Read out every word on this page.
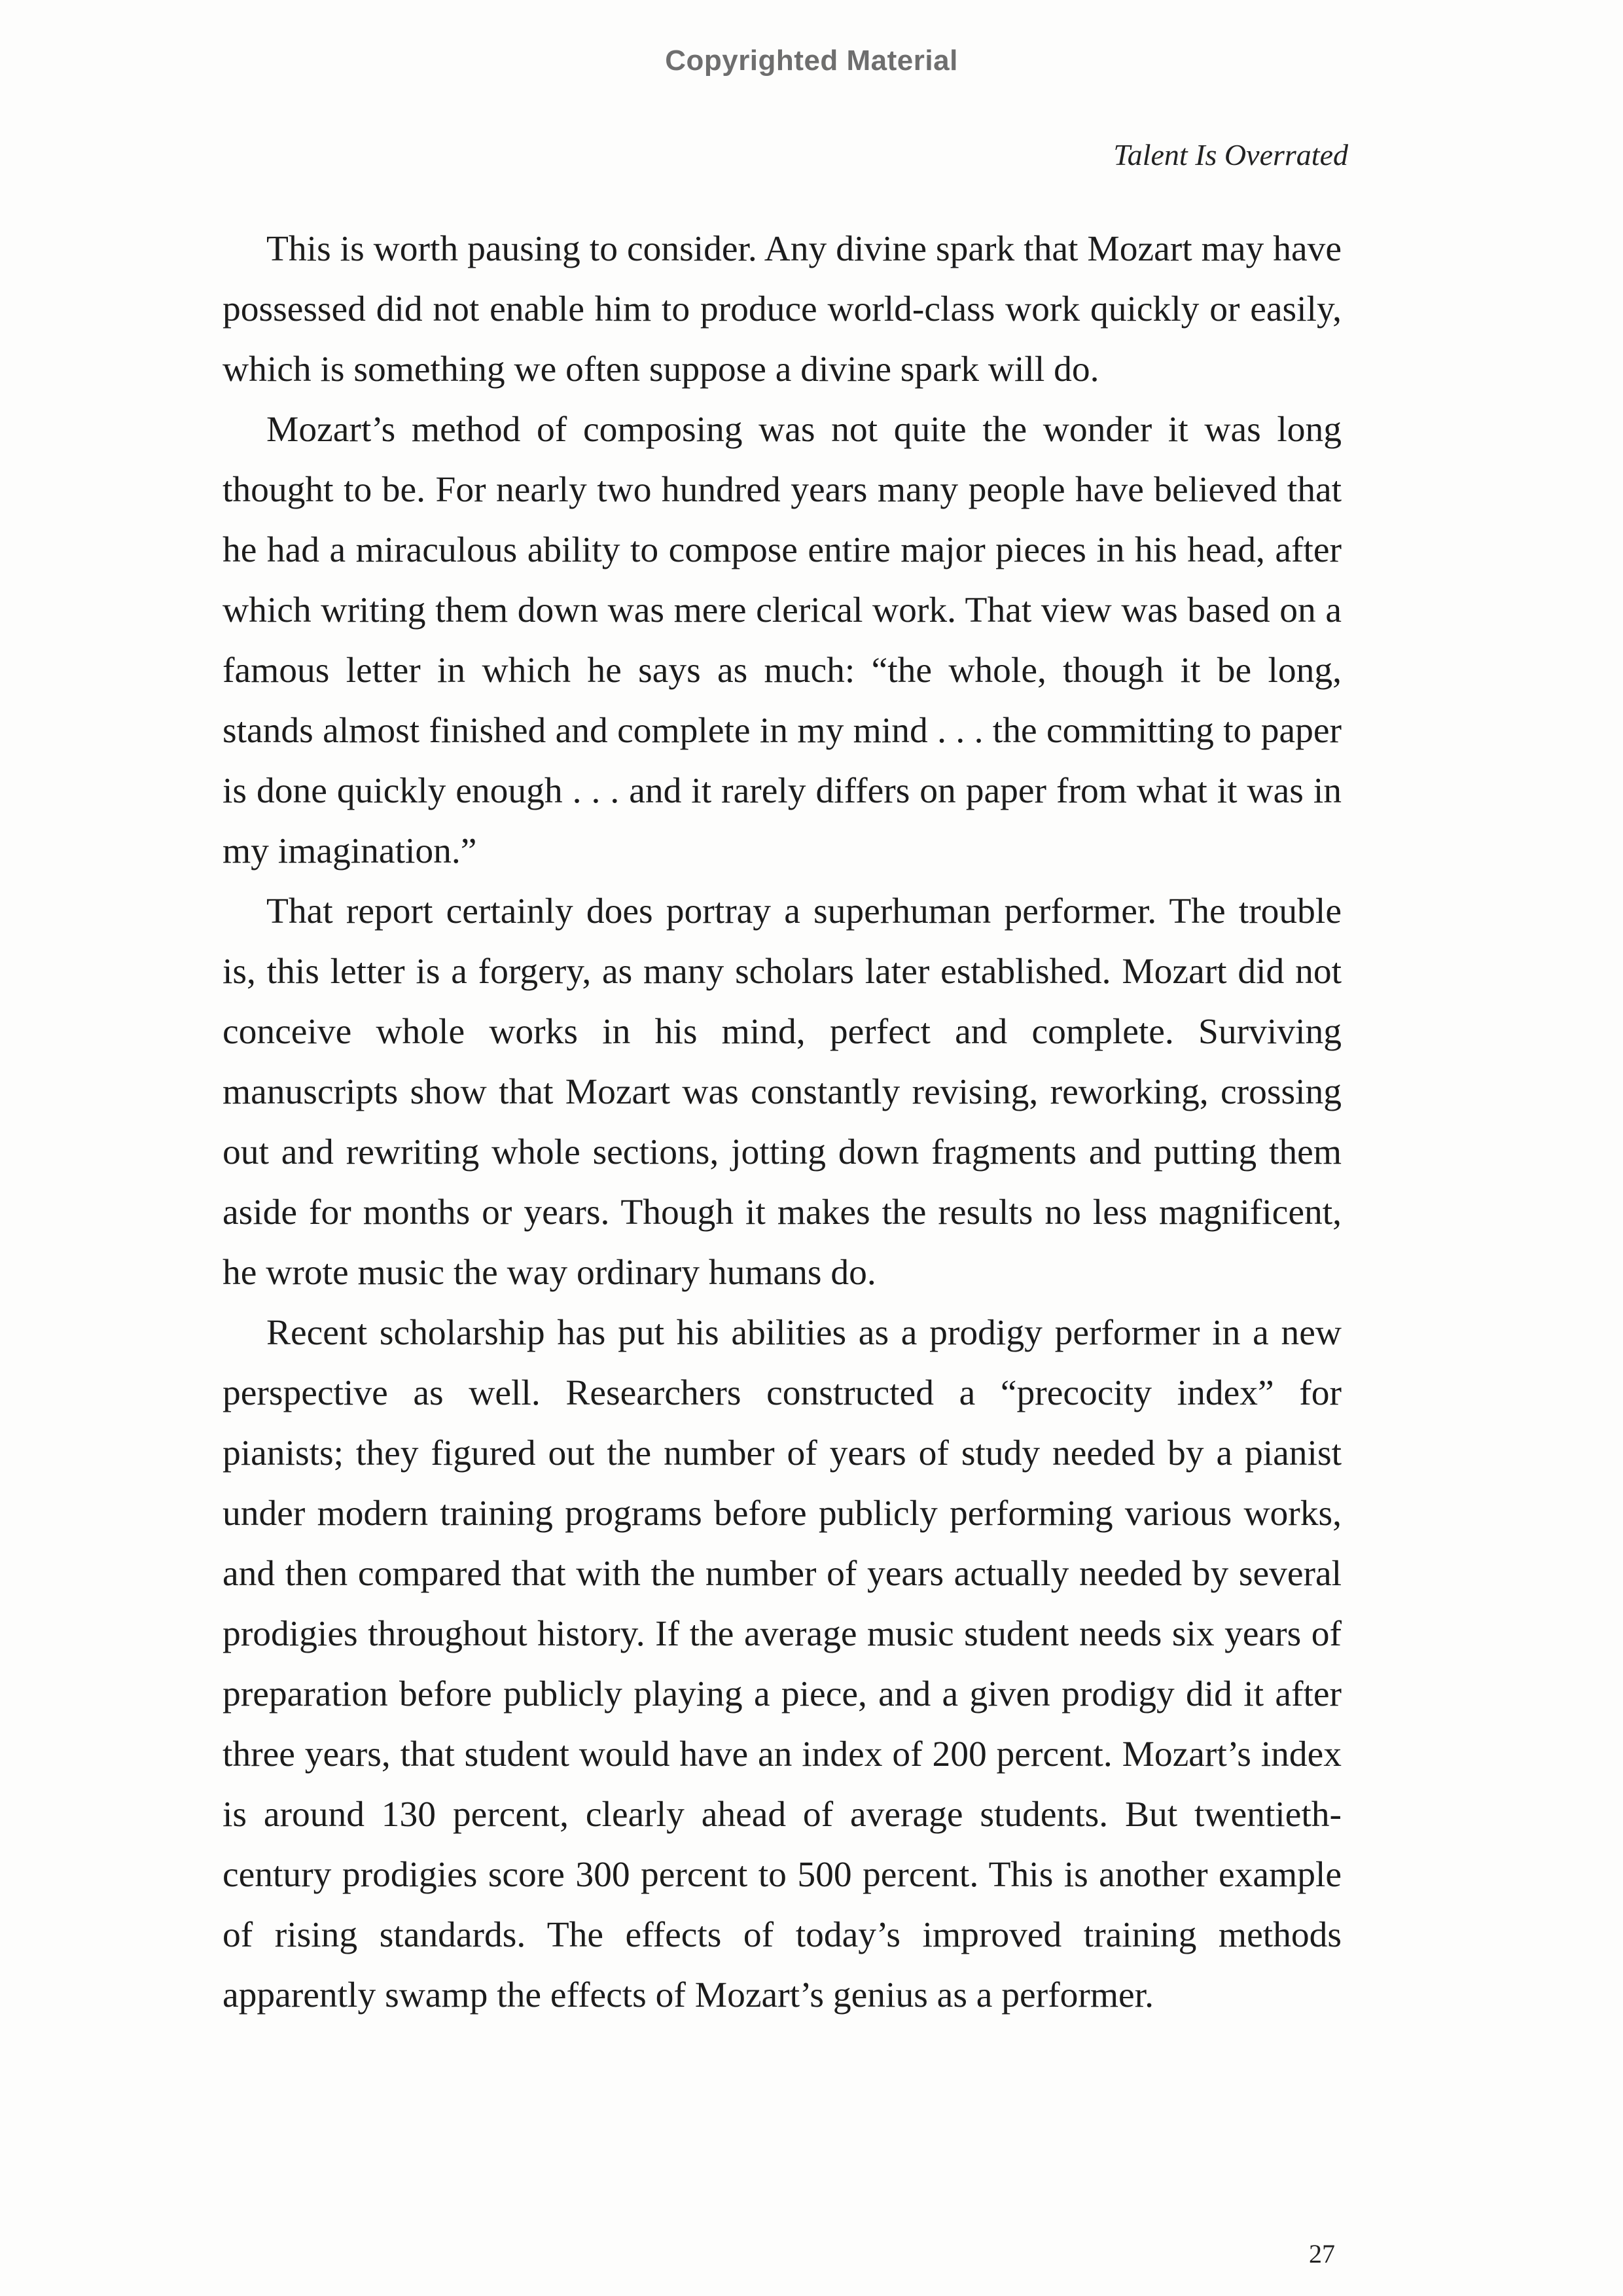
Copyrighted Material
Talent Is Overrated

This is worth pausing to consider. Any divine spark that Mozart may have possessed did not enable him to produce world-class work quickly or easily, which is something we often suppose a divine spark will do.

Mozart’s method of composing was not quite the wonder it was long thought to be. For nearly two hundred years many people have believed that he had a miraculous ability to compose entire major pieces in his head, after which writing them down was mere clerical work. That view was based on a famous letter in which he says as much: “the whole, though it be long, stands almost finished and complete in my mind . . . the committing to paper is done quickly enough . . . and it rarely differs on paper from what it was in my imagination.”

That report certainly does portray a superhuman performer. The trouble is, this letter is a forgery, as many scholars later established. Mozart did not conceive whole works in his mind, perfect and complete. Surviving manuscripts show that Mozart was constantly revising, reworking, crossing out and rewriting whole sections, jotting down fragments and putting them aside for months or years. Though it makes the results no less magnificent, he wrote music the way ordinary humans do.

Recent scholarship has put his abilities as a prodigy performer in a new perspective as well. Researchers constructed a “precocity index” for pianists; they figured out the number of years of study needed by a pianist under modern training programs before publicly performing various works, and then compared that with the number of years actually needed by several prodigies throughout history. If the average music student needs six years of preparation before publicly playing a piece, and a given prodigy did it after three years, that student would have an index of 200 percent. Mozart’s index is around 130 percent, clearly ahead of average students. But twentieth-century prodigies score 300 percent to 500 percent. This is another example of rising standards. The effects of today’s improved training methods apparently swamp the effects of Mozart’s genius as a performer.

27
